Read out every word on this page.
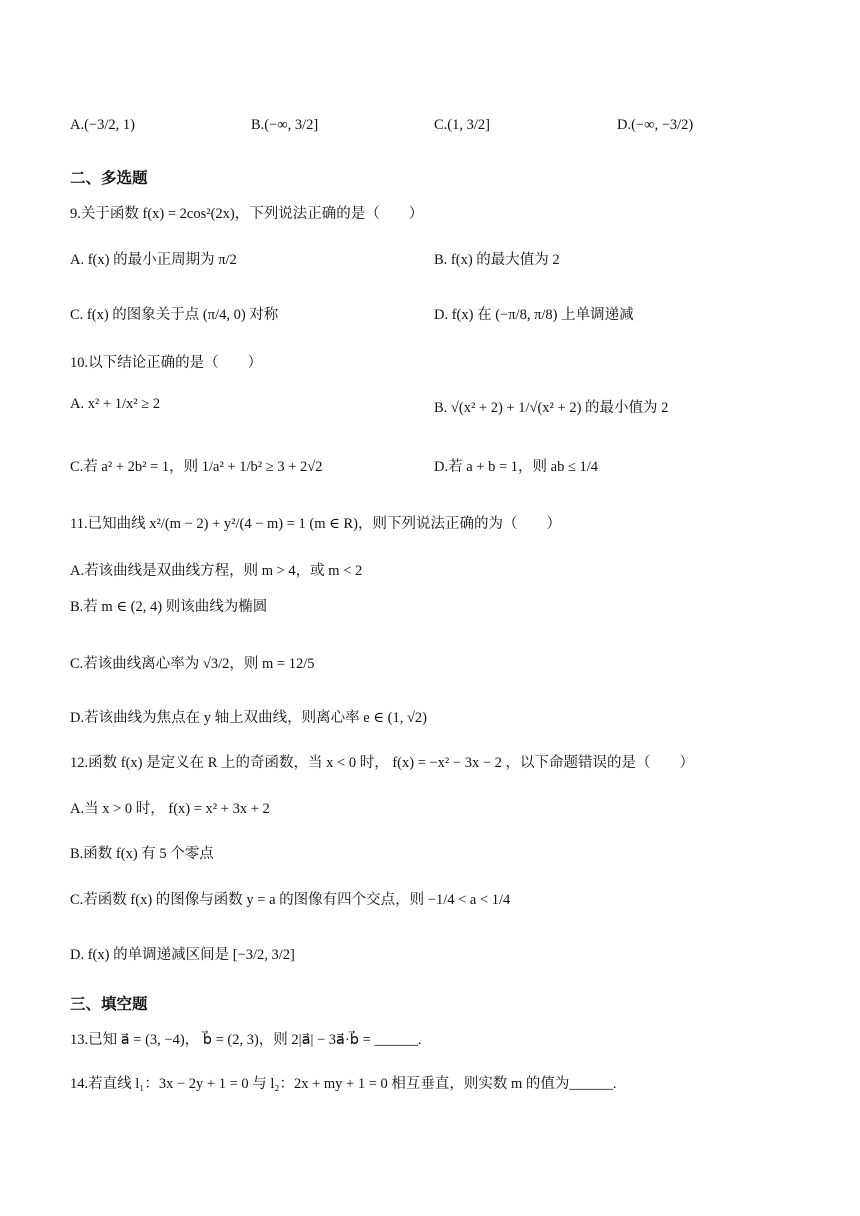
A.(−3/2, 1)	B.(−∞, 3/2]	C.(1, 3/2]	D.(−∞, −3/2)
二、多选题
9.关于函数 f(x) = 2cos²(2x)，下列说法正确的是（　　）
A. f(x) 的最小正周期为 π/2	B. f(x) 的最大值为 2
C. f(x) 的图象关于点 (π/4, 0) 对称	D. f(x) 在 (−π/8, π/8) 上单调递减
10.以下结论正确的是（　　）
A. x² + 1/x² ≥ 2	B. √(x² + 2) + 1/√(x² + 2) 的最小值为 2
C.若 a² + 2b² = 1，则 1/a² + 1/b² ≥ 3 + 2√2	D.若 a + b = 1，则 ab ≤ 1/4
11.已知曲线 x²/(m − 2) + y²/(4 − m) = 1 (m ∈ R)，则下列说法正确的为（　　）
A.若该曲线是双曲线方程，则 m > 4，或 m < 2
B.若 m ∈ (2, 4) 则该曲线为椭圆
C.若该曲线离心率为 √3/2，则 m = 12/5
D.若该曲线为焦点在 y 轴上双曲线，则离心率 e ∈ (1, √2)
12.函数 f(x) 是定义在 R 上的奇函数，当 x < 0 时， f(x) = −x² − 3x − 2 ，以下命题错误的是（　　）
A.当 x > 0 时， f(x) = x² + 3x + 2
B.函数 f(x) 有 5 个零点
C.若函数 f(x) 的图像与函数 y = a 的图像有四个交点，则 −1/4 < a < 1/4
D. f(x) 的单调递减区间是 [−3/2, 3/2]
三、填空题
13.已知 a⃗ = (3, −4)， b⃗ = (2, 3)，则 2|a⃗| − 3a⃗·b⃗ = ______.
14.若直线 l₁：3x − 2y + 1 = 0 与 l₂：2x + my + 1 = 0 相互垂直，则实数 m 的值为______.
